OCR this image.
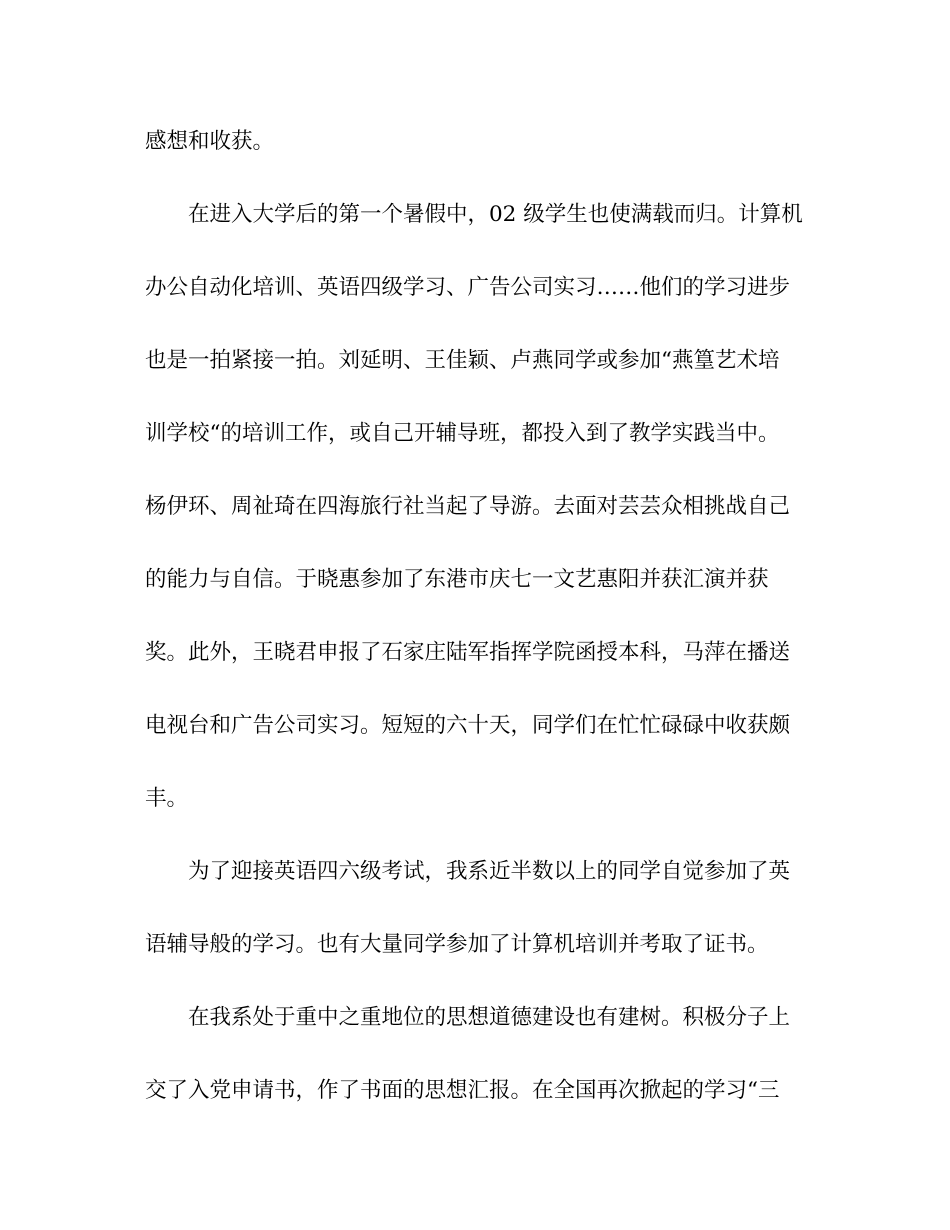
感想和收获。
在进入大学后的第一个暑假中，02 级学生也使满载而归。计算机
办公自动化培训、英语四级学习、广告公司实习……他们的学习进步
也是一拍紧接一拍。刘延明、王佳颖、卢燕同学或参加“燕篁艺术培
训学校“的培训工作，或自己开辅导班，都投入到了教学实践当中。
杨伊环、周祉琦在四海旅行社当起了导游。去面对芸芸众相挑战自己
的能力与自信。于晓惠参加了东港市庆七一文艺惠阳并获汇演并获
奖。此外，王晓君申报了石家庄陆军指挥学院函授本科，马萍在播送
电视台和广告公司实习。短短的六十天，同学们在忙忙碌碌中收获颇
丰。
为了迎接英语四六级考试，我系近半数以上的同学自觉参加了英
语辅导般的学习。也有大量同学参加了计算机培训并考取了证书。
在我系处于重中之重地位的思想道德建设也有建树。积极分子上
交了入党申请书，作了书面的思想汇报。在全国再次掀起的学习“三
